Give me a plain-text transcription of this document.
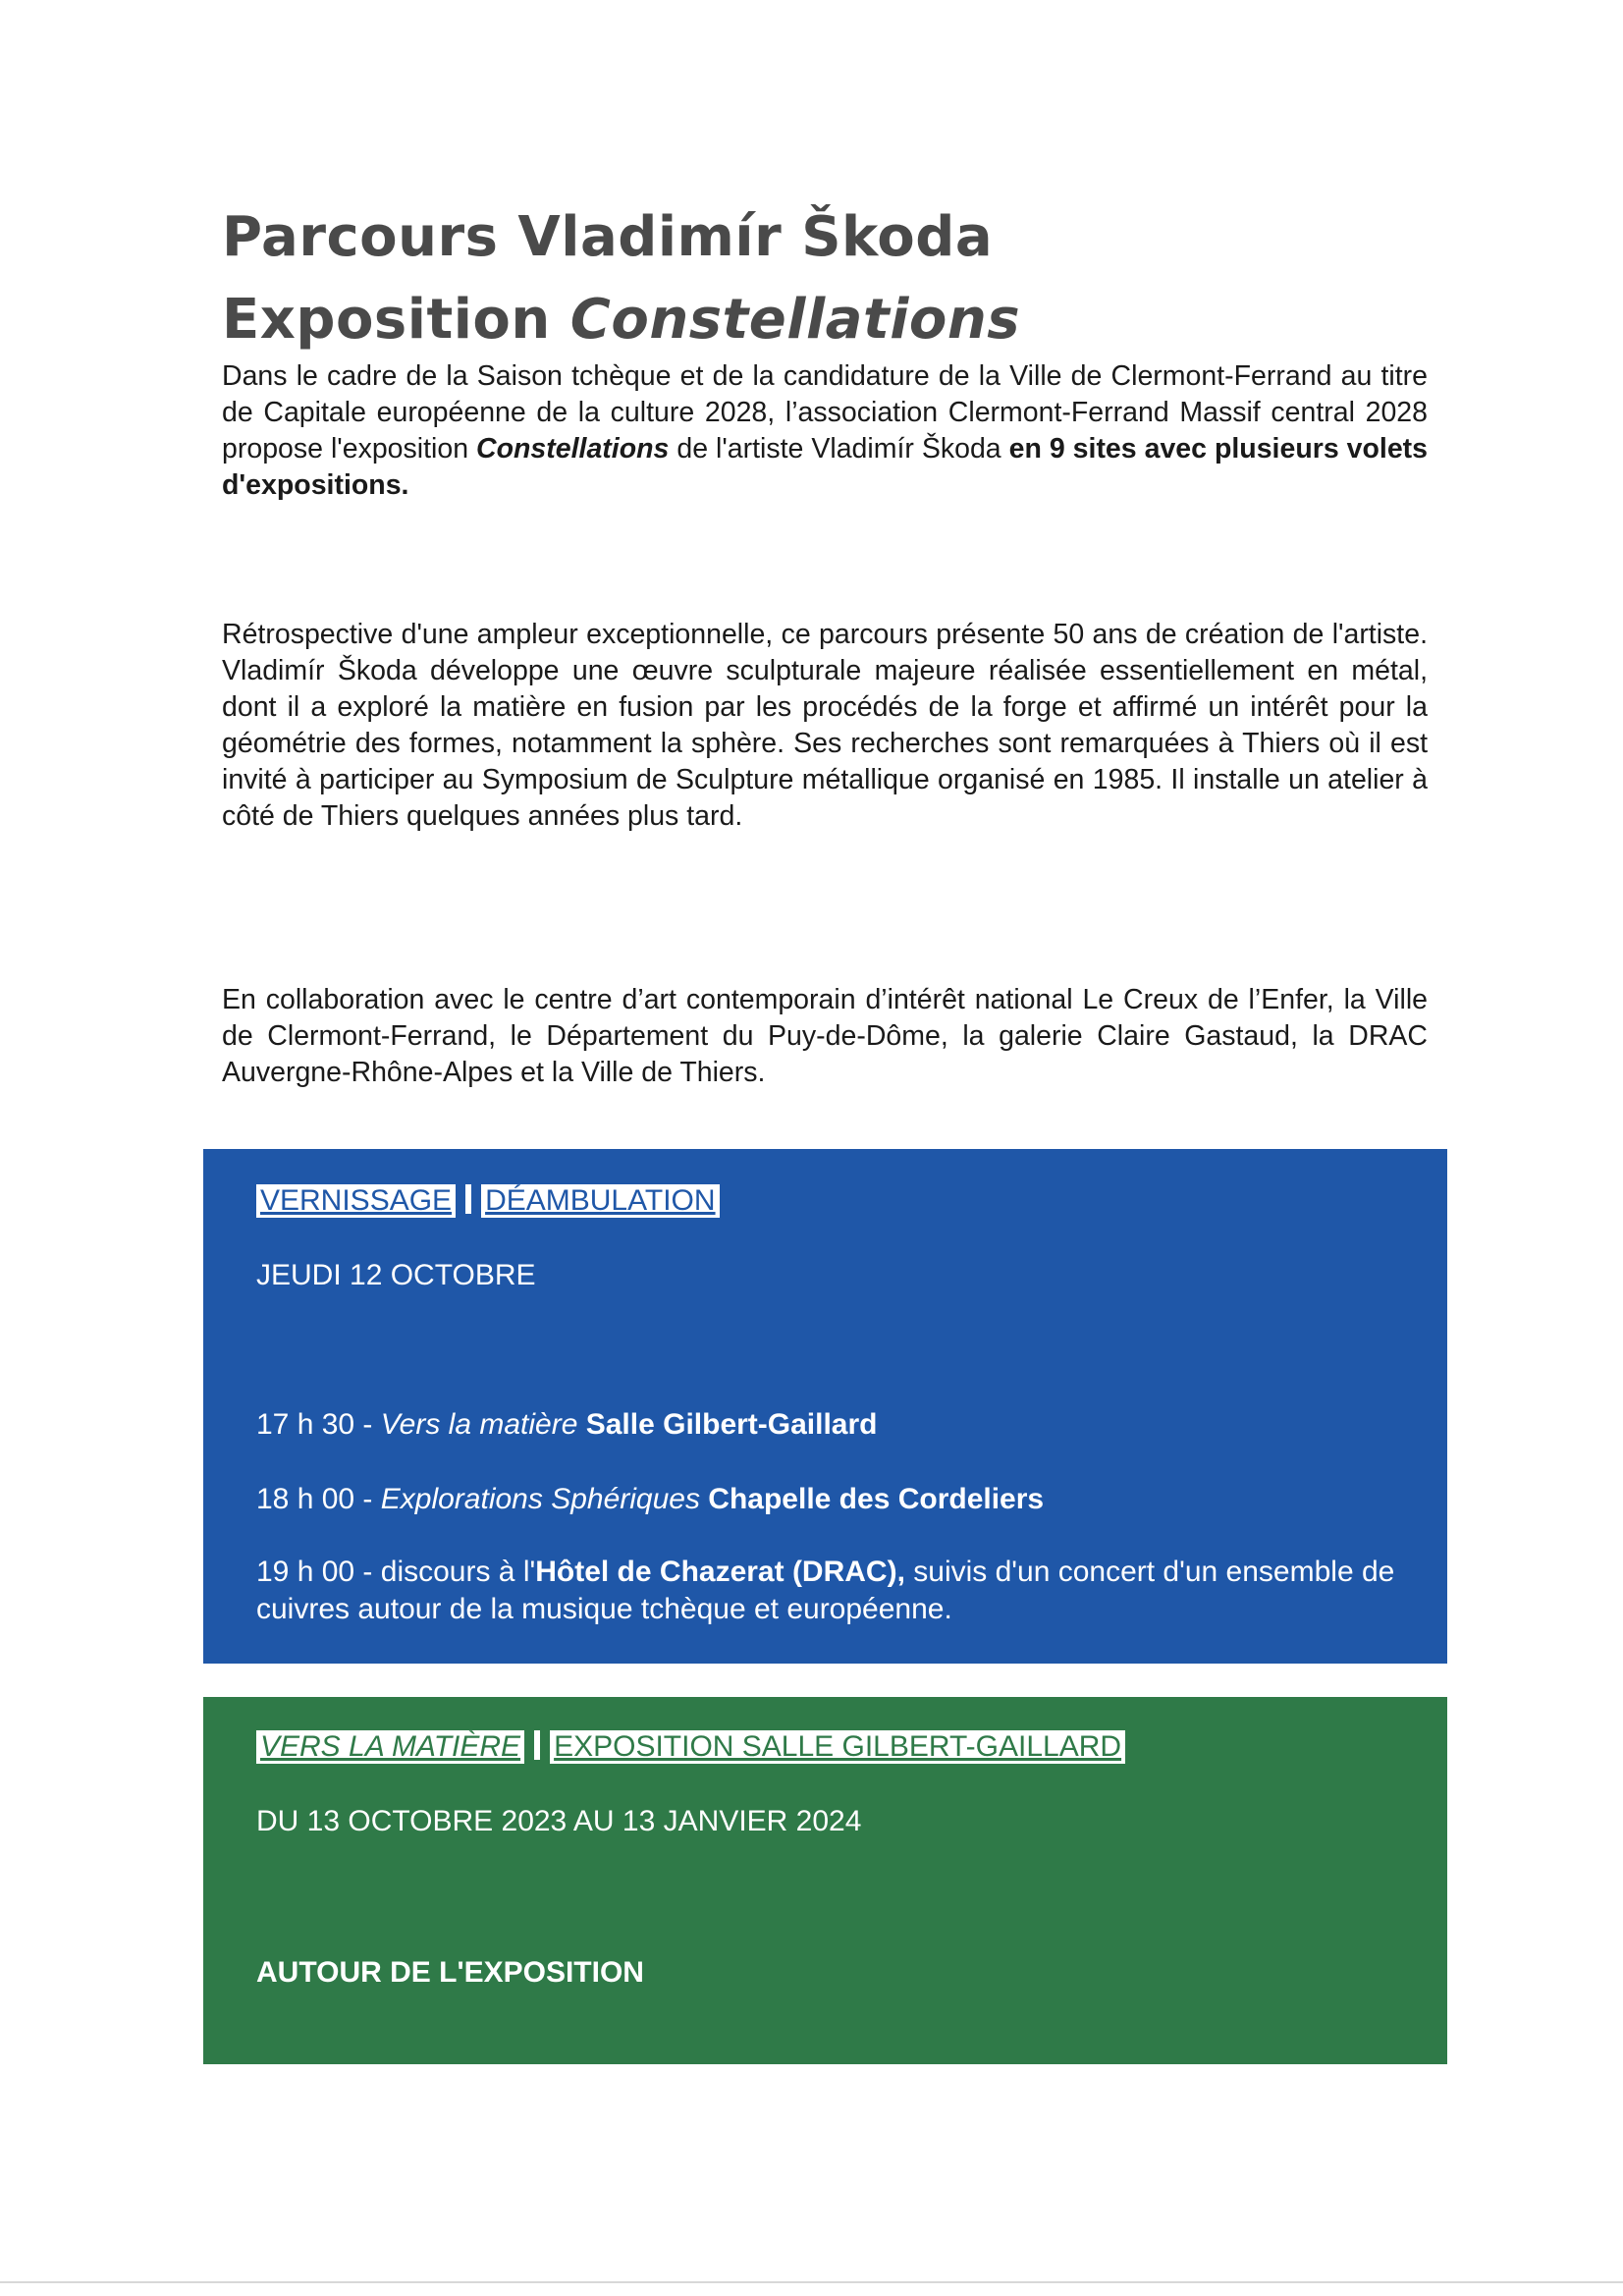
Parcours Vladimír Škoda
Exposition Constellations

Dans le cadre de la Saison tchèque et de la candidature de la Ville de Clermont-Ferrand au titre de Capitale européenne de la culture 2028, l’association Clermont-Ferrand Massif central 2028 propose l'exposition Constellations de l'artiste Vladimír Škoda en 9 sites avec plusieurs volets d'expositions.

Rétrospective d'une ampleur exceptionnelle, ce parcours présente 50 ans de création de l'artiste. Vladimír Škoda développe une œuvre sculpturale majeure réalisée essentiellement en métal, dont il a exploré la matière en fusion par les procédés de la forge et affirmé un intérêt pour la géométrie des formes, notamment la sphère. Ses recherches sont remarquées à Thiers où il est invité à participer au Symposium de Sculpture métallique organisé en 1985. Il installe un atelier à côté de Thiers quelques années plus tard.

En collaboration avec le centre d’art contemporain d’intérêt national Le Creux de l’Enfer, la Ville de Clermont-Ferrand, le Département du Puy-de-Dôme, la galerie Claire Gastaud, la DRAC Auvergne-Rhône-Alpes et la Ville de Thiers.

VERNISSAGE DÉAMBULATION

JEUDI 12 OCTOBRE

17 h 30 - Vers la matière Salle Gilbert-Gaillard

18 h 00 - Explorations Sphériques Chapelle des Cordeliers

19 h 00 - discours à l'Hôtel de Chazerat (DRAC), suivis d'un concert d'un ensemble de cuivres autour de la musique tchèque et européenne.

VERS LA MATIÈRE EXPOSITION SALLE GILBERT-GAILLARD

DU 13 OCTOBRE 2023 AU 13 JANVIER 2024

AUTOUR DE L'EXPOSITION
